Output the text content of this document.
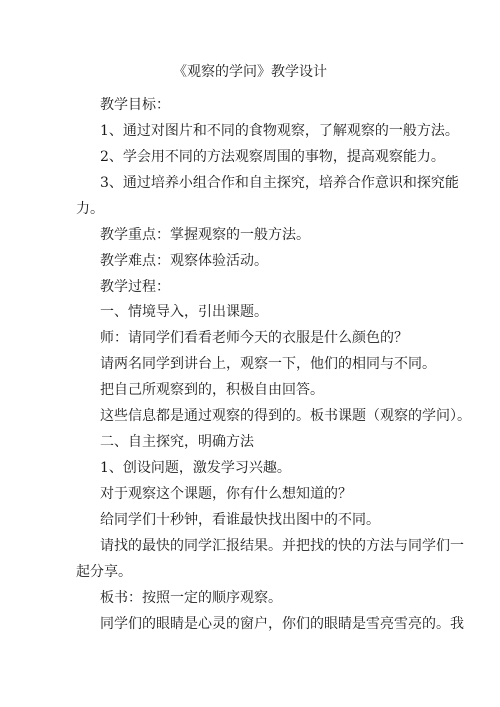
《观察的学问》教学设计
教学目标：
1、通过对图片和不同的食物观察，了解观察的一般方法。
2、学会用不同的方法观察周围的事物，提高观察能力。
3、通过培养小组合作和自主探究，培养合作意识和探究能
力。
教学重点：掌握观察的一般方法。
教学难点：观察体验活动。
教学过程：
一、情境导入，引出课题。
师：请同学们看看老师今天的衣服是什么颜色的？
请两名同学到讲台上，观察一下，他们的相同与不同。
把自己所观察到的，积极自由回答。
这些信息都是通过观察的得到的。板书课题（观察的学问）。
二、自主探究，明确方法
1、创设问题，激发学习兴趣。
对于观察这个课题，你有什么想知道的？
给同学们十秒钟，看谁最快找出图中的不同。
请找的最快的同学汇报结果。并把找的快的方法与同学们一
起分享。
板书：按照一定的顺序观察。
同学们的眼睛是心灵的窗户，你们的眼睛是雪亮雪亮的。我
